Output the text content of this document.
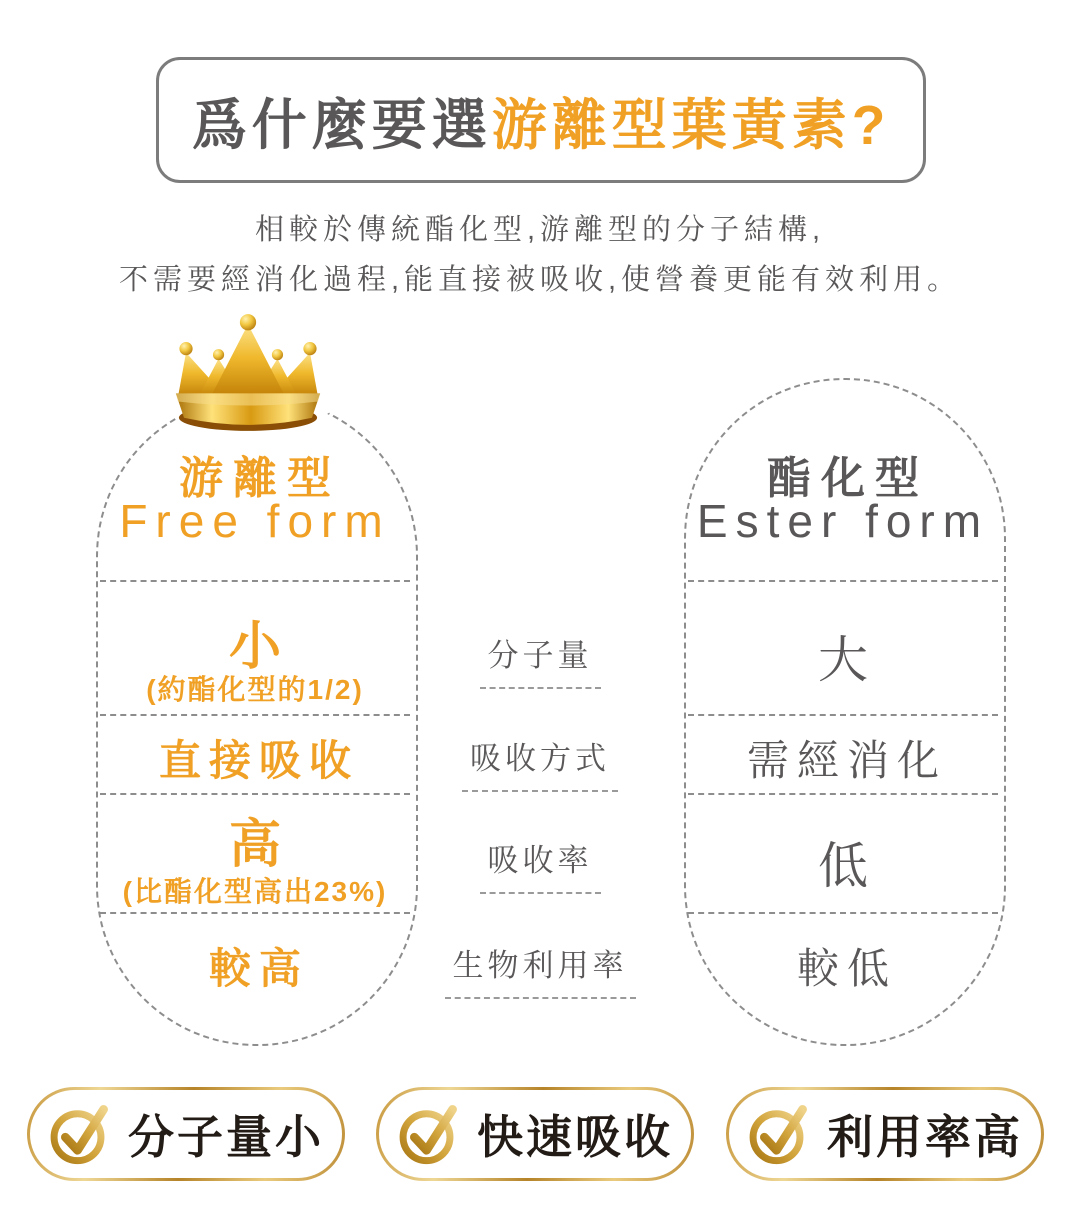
爲什麼要選 游離型葉黃素?
相較於傳統酯化型,游離型的分子結構,
不需要經消化過程,能直接被吸收,使營養更能有效利用。
游離型
Free form
小
(約酯化型的1/2)
直接吸收
高
(比酯化型高出23%)
較高
酯化型
Ester form
大
需經消化
低
較低
分子量
吸收方式
吸收率
生物利用率
分子量小	快速吸收	利用率高
